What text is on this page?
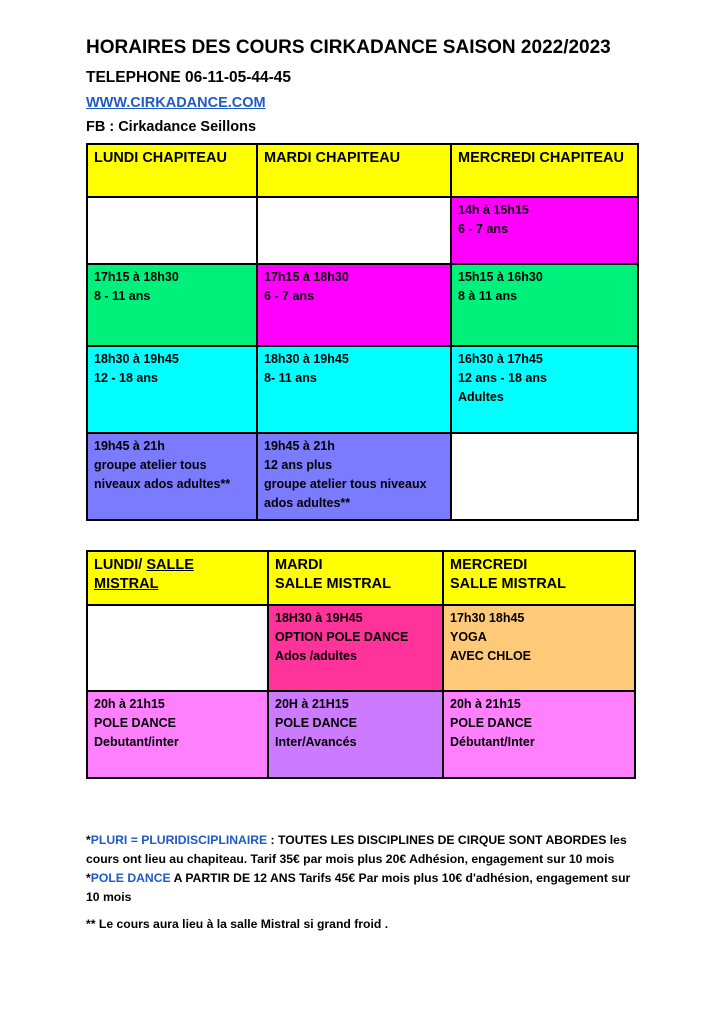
HORAIRES DES COURS CIRKADANCE SAISON 2022/2023
TELEPHONE 06-11-05-44-45
WWW.CIRKADANCE.COM
FB : Cirkadance Seillons
LUNDI CHAPITEAU	MARDI CHAPITEAU	MERCREDI CHAPITEAU

		14h à 15h15
6 - 7 ans

17h15 à 18h30
8 - 11 ans	17h15 à 18h30
6 - 7 ans	15h15 à 16h30
8 à 11 ans

18h30 à 19h45
12 - 18 ans	18h30 à 19h45
8- 11 ans	16h30 à 17h45
12 ans - 18 ans
Adultes

19h45 à 21h
groupe atelier tous niveaux ados adultes**	19h45 à 21h
12 ans plus
groupe atelier tous niveaux ados adultes**	

LUNDI/ SALLE
MISTRAL	MARDI
SALLE MISTRAL	MERCREDI
SALLE MISTRAL

	18H30 à 19H45
OPTION POLE DANCE
Ados /adultes	17h30 18h45
YOGA
AVEC CHLOE

20h à 21h15
POLE DANCE
Debutant/inter	20H à 21H15
POLE DANCE
Inter/Avancés	20h à 21h15
POLE DANCE
Débutant/Inter

*PLURI = PLURIDISCIPLINAIRE : TOUTES LES DISCIPLINES DE CIRQUE SONT ABORDES les cours ont lieu au chapiteau. Tarif 35€ par mois plus 20€ Adhésion, engagement sur 10 mois

*POLE DANCE A PARTIR DE 12 ANS Tarifs 45€ Par mois plus 10€ d'adhésion, engagement sur 10 mois

** Le cours aura lieu à la salle Mistral si grand froid .
